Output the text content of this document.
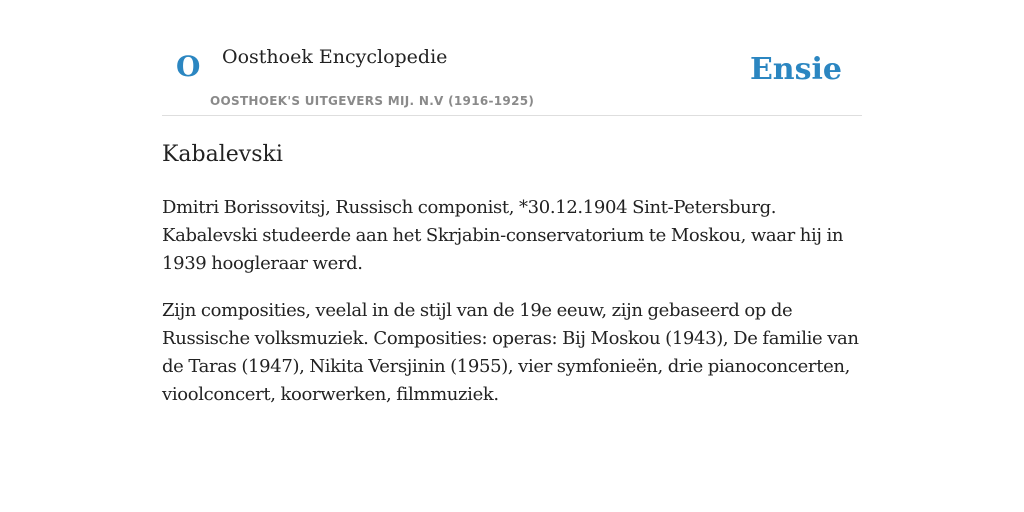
O Oosthoek Encyclopedie
OOSTHOEK'S UITGEVERS MIJ. N.V (1916-1925)
Ensie
Kabalevski

Dmitri Borissovitsj, Russisch componist, *30.12.1904 Sint-Petersburg. Kabalevski studeerde aan het Skrjabin-conservatorium te Moskou, waar hij in 1939 hoogleraar werd.

Zijn composities, veelal in de stijl van de 19e eeuw, zijn gebaseerd op de Russische volksmuziek. Composities: operas: Bij Moskou (1943), De familie van de Taras (1947), Nikita Versjinin (1955), vier symfonieën, drie pianoconcerten, vioolconcert, koorwerken, filmmuziek.
